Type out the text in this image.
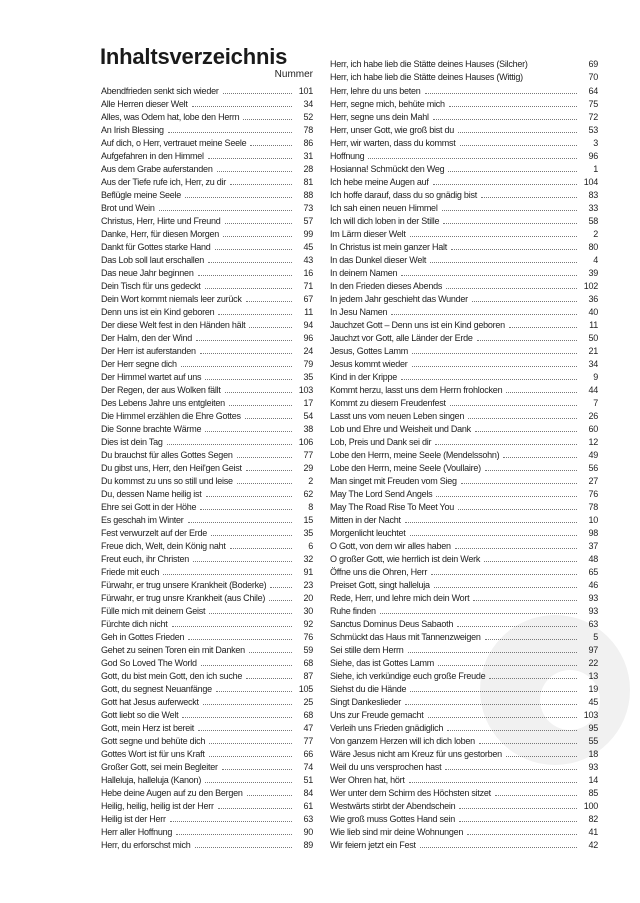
Inhaltsverzeichnis
Nummer
Abendfrieden senkt sich wieder	101
Alle Herren dieser Welt	34
Alles, was Odem hat, lobe den Herrn	52
An Irish Blessing	78
Auf dich, o Herr, vertrauet meine Seele	86
Aufgefahren in den Himmel	31
Aus dem Grabe auferstanden	28
Aus der Tiefe rufe ich, Herr, zu dir	81
Beflügle meine Seele	88
Brot und Wein	73
Christus, Herr, Hirte und Freund	57
Danke, Herr, für diesen Morgen	99
Dankt für Gottes starke Hand	45
Das Lob soll laut erschallen	43
Das neue Jahr beginnen	16
Dein Tisch für uns gedeckt	71
Dein Wort kommt niemals leer zurück	67
Denn uns ist ein Kind geboren	11
Der diese Welt fest in den Händen hält	94
Der Halm, den der Wind	96
Der Herr ist auferstanden	24
Der Herr segne dich	79
Der Himmel wartet auf uns	35
Der Regen, der aus Wolken fällt	103
Des Lebens Jahre uns entgleiten	17
Die Himmel erzählen die Ehre Gottes	54
Die Sonne brachte Wärme	38
Dies ist dein Tag	106
Du brauchst für alles Gottes Segen	77
Du gibst uns, Herr, den Heil'gen Geist	29
Du kommst zu uns so still und leise	2
Du, dessen Name heilig ist	62
Ehre sei Gott in der Höhe	8
Es geschah im Winter	15
Fest verwurzelt auf der Erde	35
Freue dich, Welt, dein König naht	6
Freut euch, ihr Christen	32
Friede mit euch	91
Fürwahr, er trug unsere Krankheit (Boderke)	23
Fürwahr, er trug unsre Krankheit (aus Chile)	20
Fülle mich mit deinem Geist	30
Fürchte dich nicht	92
Geh in Gottes Frieden	76
Gehet zu seinen Toren ein mit Danken	59
God So Loved The World	68
Gott, du bist mein Gott, den ich suche	87
Gott, du segnest Neuanfänge	105
Gott hat Jesus auferweckt	25
Gott liebt so die Welt	68
Gott, mein Herz ist bereit	47
Gott segne und behüte dich	77
Gottes Wort ist für uns Kraft	66
Großer Gott, sei mein Begleiter	74
Halleluja, halleluja (Kanon)	51
Hebe deine Augen auf zu den Bergen	84
Heilig, heilig, heilig ist der Herr	61
Heilig ist der Herr	63
Herr aller Hoffnung	90
Herr, du erforschst mich	89
Herr, ich habe lieb die Stätte deines Hauses (Silcher)	69
Herr, ich habe lieb die Stätte deines Hauses (Wittig)	70
Herr, lehre du uns beten	64
Herr, segne mich, behüte mich	75
Herr, segne uns dein Mahl	72
Herr, unser Gott, wie groß bist du	53
Herr, wir warten, dass du kommst	3
Hoffnung	96
Hosianna! Schmückt den Weg	1
Ich hebe meine Augen auf	104
Ich hoffe darauf, dass du so gnädig bist	83
Ich sah einen neuen Himmel	33
Ich will dich loben in der Stille	58
Im Lärm dieser Welt	2
In Christus ist mein ganzer Halt	80
In das Dunkel dieser Welt	4
In deinem Namen	39
In den Frieden dieses Abends	102
In jedem Jahr geschieht das Wunder	36
In Jesu Namen	40
Jauchzet Gott – Denn uns ist ein Kind geboren	11
Jauchzt vor Gott, alle Länder der Erde	50
Jesus, Gottes Lamm	21
Jesus kommt wieder	34
Kind in der Krippe	9
Kommt herzu, lasst uns dem Herrn frohlocken	44
Kommt zu diesem Freudenfest	7
Lasst uns vom neuen Leben singen	26
Lob und Ehre und Weisheit und Dank	60
Lob, Preis und Dank sei dir	12
Lobe den Herrn, meine Seele (Mendelssohn)	49
Lobe den Herrn, meine Seele (Voullaire)	56
Man singet mit Freuden vom Sieg	27
May The Lord Send Angels	76
May The Road Rise To Meet You	78
Mitten in der Nacht	10
Morgenlicht leuchtet	98
O Gott, von dem wir alles haben	37
O großer Gott, wie herrlich ist dein Werk	48
Öffne uns die Ohren, Herr	65
Preiset Gott, singt halleluja	46
Rede, Herr, und lehre mich dein Wort	93
Ruhe finden	93
Sanctus Dominus Deus Sabaoth	63
Schmückt das Haus mit Tannenzweigen	5
Sei stille dem Herrn	97
Siehe, das ist Gottes Lamm	22
Siehe, ich verkündige euch große Freude	13
Siehst du die Hände	19
Singt Dankeslieder	45
Uns zur Freude gemacht	103
Verleih uns Frieden gnädiglich	95
Von ganzem Herzen will ich dich loben	55
Wäre Jesus nicht am Kreuz für uns gestorben	18
Weil du uns versprochen hast	93
Wer Ohren hat, hört	14
Wer unter dem Schirm des Höchsten sitzet	85
Westwärts stirbt der Abendschein	100
Wie groß muss Gottes Hand sein	82
Wie lieb sind mir deine Wohnungen	41
Wir feiern jetzt ein Fest	42
